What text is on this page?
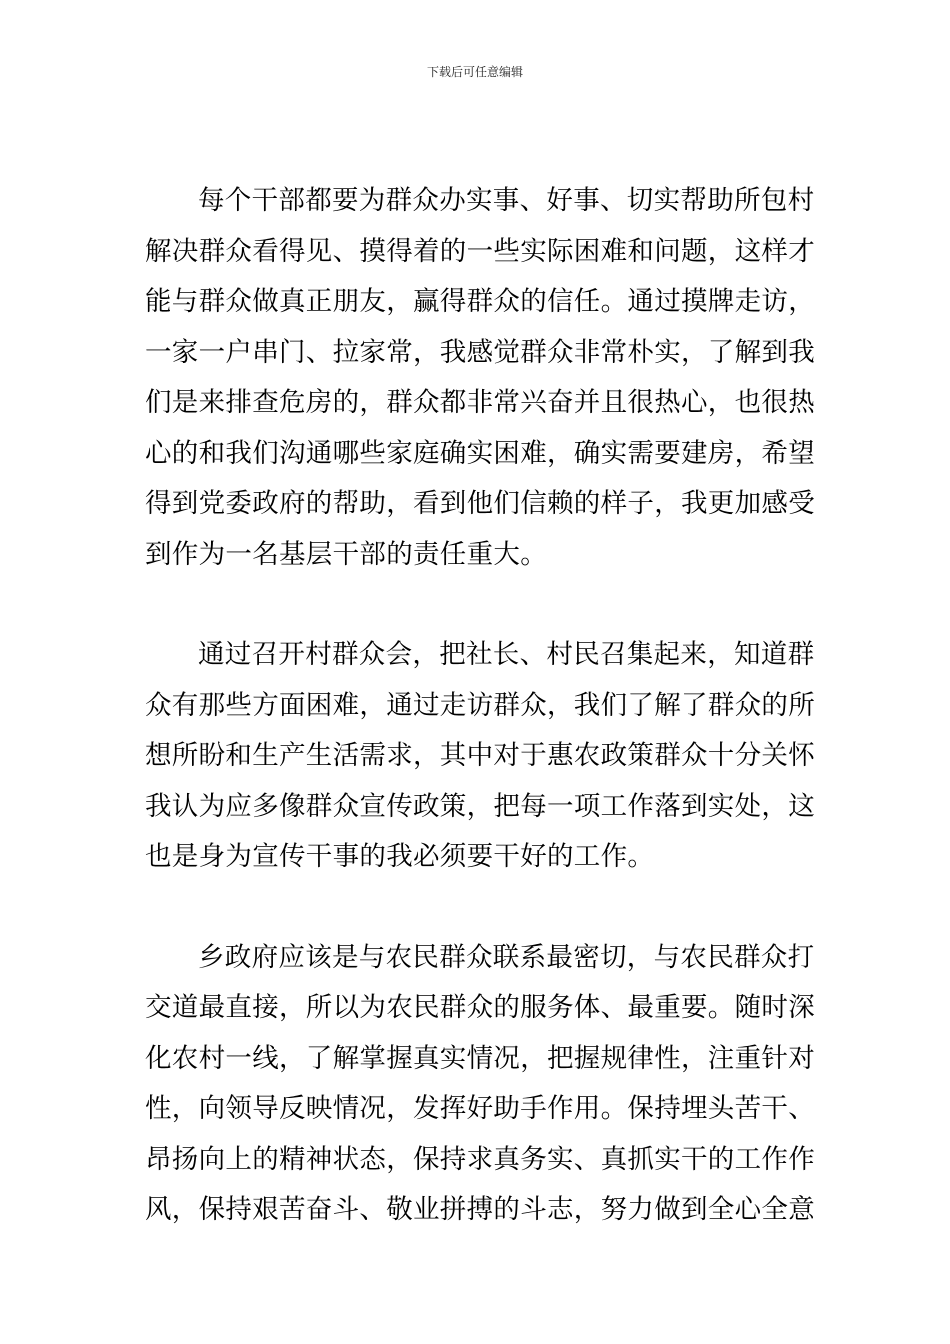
下载后可任意编辑
每个干部都要为群众办实事、好事、切实帮助所包村
解决群众看得见、摸得着的一些实际困难和问题，这样才
能与群众做真正朋友，赢得群众的信任。通过摸牌走访，
一家一户串门、拉家常，我感觉群众非常朴实，了解到我
们是来排查危房的，群众都非常兴奋并且很热心，也很热
心的和我们沟通哪些家庭确实困难，确实需要建房，希望
得到党委政府的帮助，看到他们信赖的样子，我更加感受
到作为一名基层干部的责任重大。
通过召开村群众会，把社长、村民召集起来，知道群
众有那些方面困难，通过走访群众，我们了解了群众的所
想所盼和生产生活需求，其中对于惠农政策群众十分关怀
我认为应多像群众宣传政策，把每一项工作落到实处，这
也是身为宣传干事的我必须要干好的工作。
乡政府应该是与农民群众联系最密切，与农民群众打
交道最直接，所以为农民群众的服务体、最重要。随时深
化农村一线，了解掌握真实情况，把握规律性，注重针对
性，向领导反映情况，发挥好助手作用。保持埋头苦干、
昂扬向上的精神状态，保持求真务实、真抓实干的工作作
风，保持艰苦奋斗、敬业拼搏的斗志，努力做到全心全意
